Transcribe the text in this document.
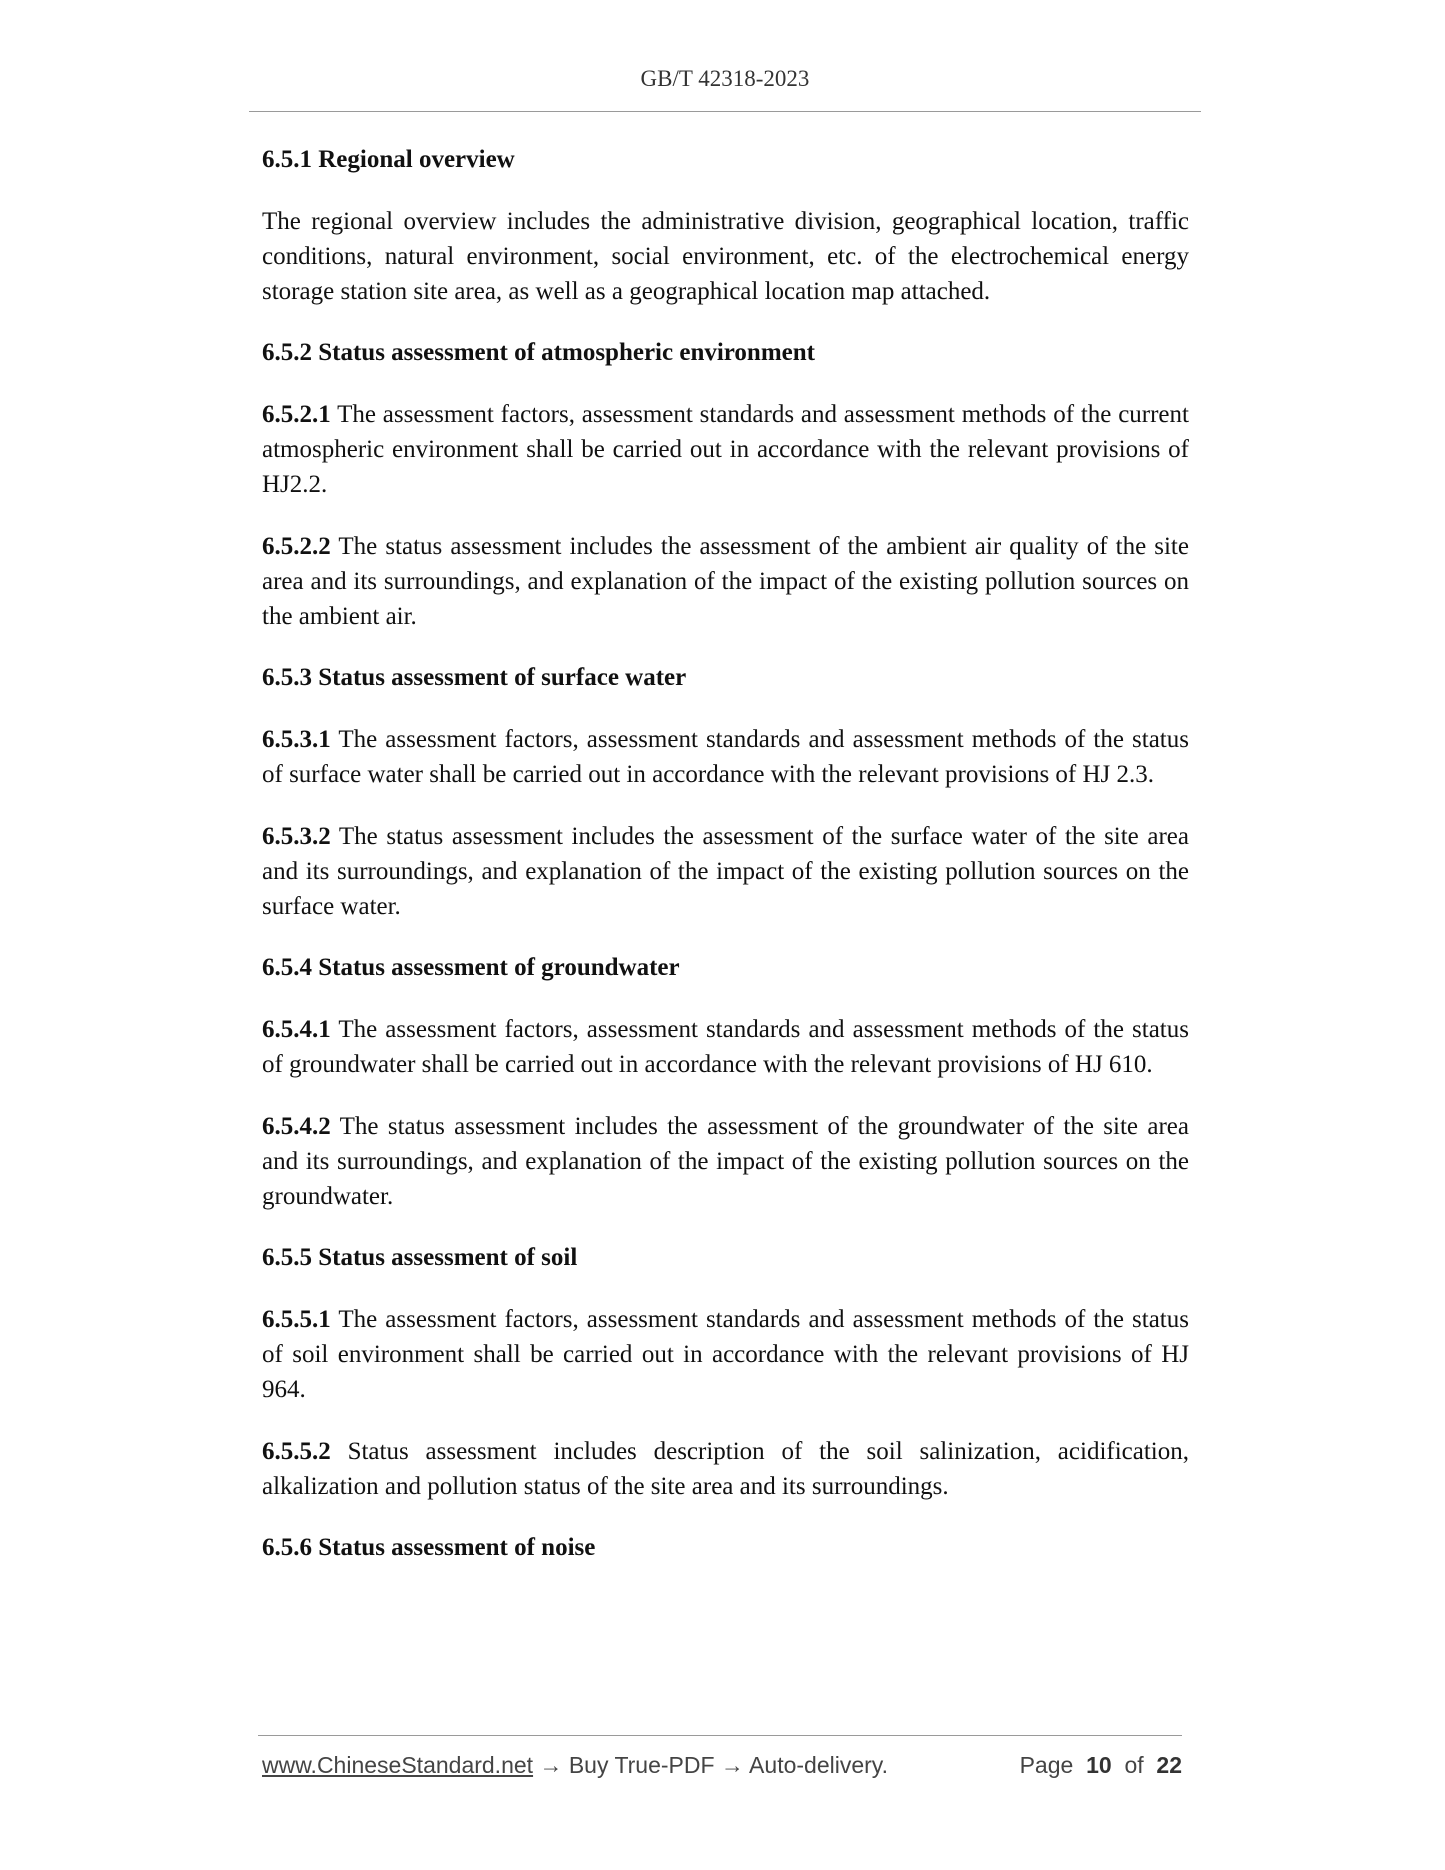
GB/T 42318-2023
6.5.1 Regional overview
The regional overview includes the administrative division, geographical location, traffic conditions, natural environment, social environment, etc. of the electrochemical energy storage station site area, as well as a geographical location map attached.
6.5.2 Status assessment of atmospheric environment
6.5.2.1 The assessment factors, assessment standards and assessment methods of the current atmospheric environment shall be carried out in accordance with the relevant provisions of HJ2.2.
6.5.2.2 The status assessment includes the assessment of the ambient air quality of the site area and its surroundings, and explanation of the impact of the existing pollution sources on the ambient air.
6.5.3 Status assessment of surface water
6.5.3.1 The assessment factors, assessment standards and assessment methods of the status of surface water shall be carried out in accordance with the relevant provisions of HJ 2.3.
6.5.3.2 The status assessment includes the assessment of the surface water of the site area and its surroundings, and explanation of the impact of the existing pollution sources on the surface water.
6.5.4 Status assessment of groundwater
6.5.4.1 The assessment factors, assessment standards and assessment methods of the status of groundwater shall be carried out in accordance with the relevant provisions of HJ 610.
6.5.4.2 The status assessment includes the assessment of the groundwater of the site area and its surroundings, and explanation of the impact of the existing pollution sources on the groundwater.
6.5.5 Status assessment of soil
6.5.5.1 The assessment factors, assessment standards and assessment methods of the status of soil environment shall be carried out in accordance with the relevant provisions of HJ 964.
6.5.5.2 Status assessment includes description of the soil salinization, acidification, alkalization and pollution status of the site area and its surroundings.
6.5.6 Status assessment of noise
www.ChineseStandard.net → Buy True-PDF → Auto-delivery.	Page 10 of 22
